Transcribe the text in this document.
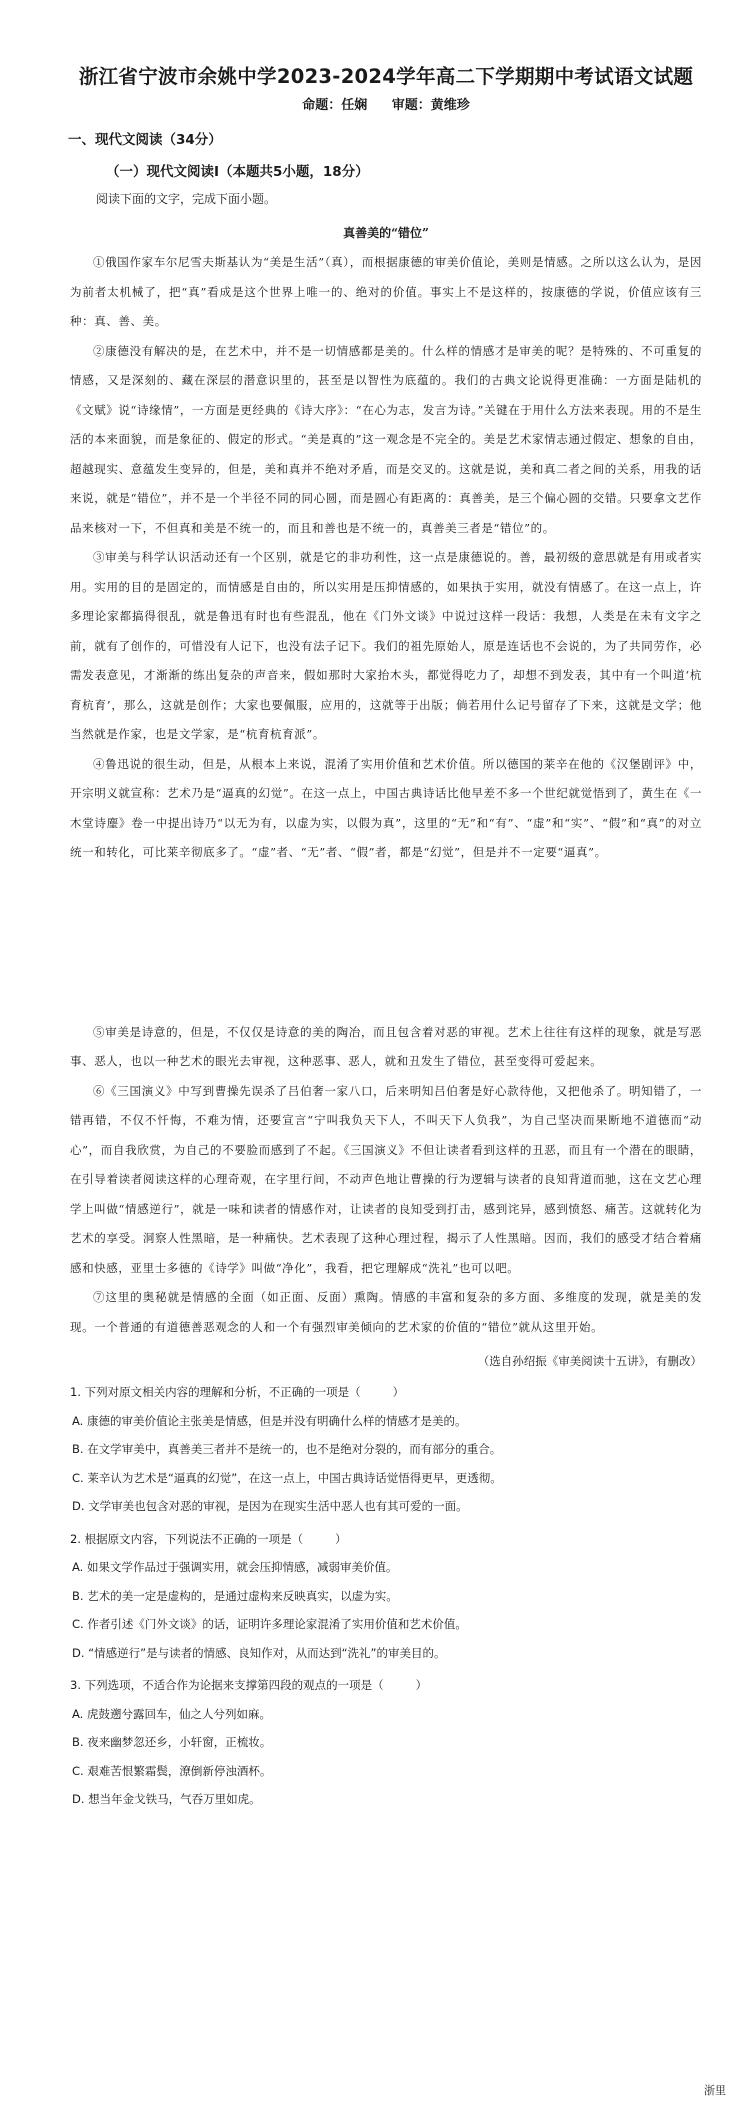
浙江省宁波市余姚中学2023-2024学年高二下学期期中考试语文试题
命题：任娴 审题：黄维珍
一、现代文阅读（34分）
（一）现代文阅读Ⅰ（本题共5小题，18分）
阅读下面的文字，完成下面小题。
真善美的“错位”

①俄国作家车尔尼雪夫斯基认为“美是生活”（真），而根据康德的审美价值论，美则是情感。之所以这么认为，是因为前者太机械了，把“真”看成是这个世界上唯一的、绝对的价值。事实上不是这样的，按康德的学说，价值应该有三种：真、善、美。

②康德没有解决的是，在艺术中，并不是一切情感都是美的。什么样的情感才是审美的呢？是特殊的、不可重复的情感，又是深刻的、藏在深层的潜意识里的，甚至是以智性为底蕴的。我们的古典文论说得更准确：一方面是陆机的《文赋》说“诗缘情”，一方面是更经典的《诗大序》：“在心为志，发言为诗。”关键在于用什么方法来表现。用的不是生活的本来面貌，而是象征的、假定的形式。“美是真的”这一观念是不完全的。美是艺术家情志通过假定、想象的自由，超越现实、意蕴发生变异的，但是，美和真并不绝对矛盾，而是交叉的。这就是说，美和真二者之间的关系，用我的话来说，就是“错位”，并不是一个半径不同的同心圆，而是圆心有距离的：真善美，是三个偏心圆的交错。只要拿文艺作品来核对一下，不但真和美是不统一的，而且和善也是不统一的，真善美三者是“错位”的。

③审美与科学认识活动还有一个区别，就是它的非功利性，这一点是康德说的。善，最初级的意思就是有用或者实用。实用的目的是固定的，而情感是自由的，所以实用是压抑情感的，如果执于实用，就没有情感了。在这一点上，许多理论家都搞得很乱，就是鲁迅有时也有些混乱，他在《门外文谈》中说过这样一段话：我想，人类是在未有文字之前，就有了创作的，可惜没有人记下，也没有法子记下。我们的祖先原始人，原是连话也不会说的，为了共同劳作，必需发表意见，才渐渐的练出复杂的声音来，假如那时大家抬木头，都觉得吃力了，却想不到发表，其中有一个叫道‘杭育杭育’，那么，这就是创作；大家也要佩服，应用的，这就等于出版；倘若用什么记号留存了下来，这就是文学；他当然就是作家，也是文学家，是“杭育杭育派”。

④鲁迅说的很生动，但是，从根本上来说，混淆了实用价值和艺术价值。所以德国的莱辛在他的《汉堡剧评》中，开宗明义就宣称：艺术乃是“逼真的幻觉”。在这一点上，中国古典诗话比他早差不多一个世纪就觉悟到了，黄生在《一木堂诗麈》卷一中提出诗乃“以无为有，以虚为实，以假为真”，这里的“无”和“有”、“虚”和“实”、“假”和“真”的对立统一和转化，可比莱辛彻底多了。“虚”者、“无”者、“假”者，都是“幻觉”，但是并不一定要“逼真”。

⑤审美是诗意的，但是，不仅仅是诗意的美的陶冶，而且包含着对恶的审视。艺术上往往有这样的现象，就是写恶事、恶人，也以一种艺术的眼光去审视，这种恶事、恶人，就和丑发生了错位，甚至变得可爱起来。

⑥《三国演义》中写到曹操先误杀了吕伯奢一家八口，后来明知吕伯奢是好心款待他，又把他杀了。明知错了，一错再错，不仅不忏悔，不难为情，还要宣言“宁叫我负天下人，不叫天下人负我”，为自己坚决而果断地不道德而“动心”，而自我欣赏，为自己的不要脸而感到了不起。《三国演义》不但让读者看到这样的丑恶，而且有一个潜在的眼睛，在引导着读者阅读这样的心理奇观，在字里行间，不动声色地让曹操的行为逻辑与读者的良知背道而驰，这在文艺心理学上叫做“情感逆行”，就是一味和读者的情感作对，让读者的良知受到打击，感到诧异，感到愤怒、痛苦。这就转化为艺术的享受。洞察人性黑暗，是一种痛快。艺术表现了这种心理过程，揭示了人性黑暗。因而，我们的感受才结合着痛感和快感，亚里士多德的《诗学》叫做“净化”，我看，把它理解成“洗礼”也可以吧。

⑦这里的奥秘就是情感的全面（如正面、反面）熏陶。情感的丰富和复杂的多方面、多维度的发现，就是美的发现。一个普通的有道德善恶观念的人和一个有强烈审美倾向的艺术家的价值的“错位”就从这里开始。

（选自孙绍振《审美阅读十五讲》，有删改）

1. 下列对原文相关内容的理解和分析，不正确的一项是（	）

A. 康德的审美价值论主张美是情感，但是并没有明确什么样的情感才是美的。

B. 在文学审美中，真善美三者并不是统一的，也不是绝对分裂的，而有部分的重合。

C. 莱辛认为艺术是“逼真的幻觉”，在这一点上，中国古典诗话觉悟得更早，更透彻。

D. 文学审美也包含对恶的审视，是因为在现实生活中恶人也有其可爱的一面。

2. 根据原文内容，下列说法不正确的一项是（	）

A. 如果文学作品过于强调实用，就会压抑情感，减弱审美价值。

B. 艺术的美一定是虚构的，是通过虚构来反映真实，以虚为实。

C. 作者引述《门外文谈》的话，证明许多理论家混淆了实用价值和艺术价值。

D. “情感逆行”是与读者的情感、良知作对，从而达到“洗礼”的审美目的。

3. 下列选项，不适合作为论据来支撑第四段的观点的一项是（	）

A. 虎鼓遡兮露回车，仙之人兮列如麻。

B. 夜来幽梦忽还乡，小轩窗，正梳妆。

C. 艰难苦恨繁霜鬓，潦倒新停浊酒杯。

D. 想当年金戈铁马，气吞万里如虎。

浙里
